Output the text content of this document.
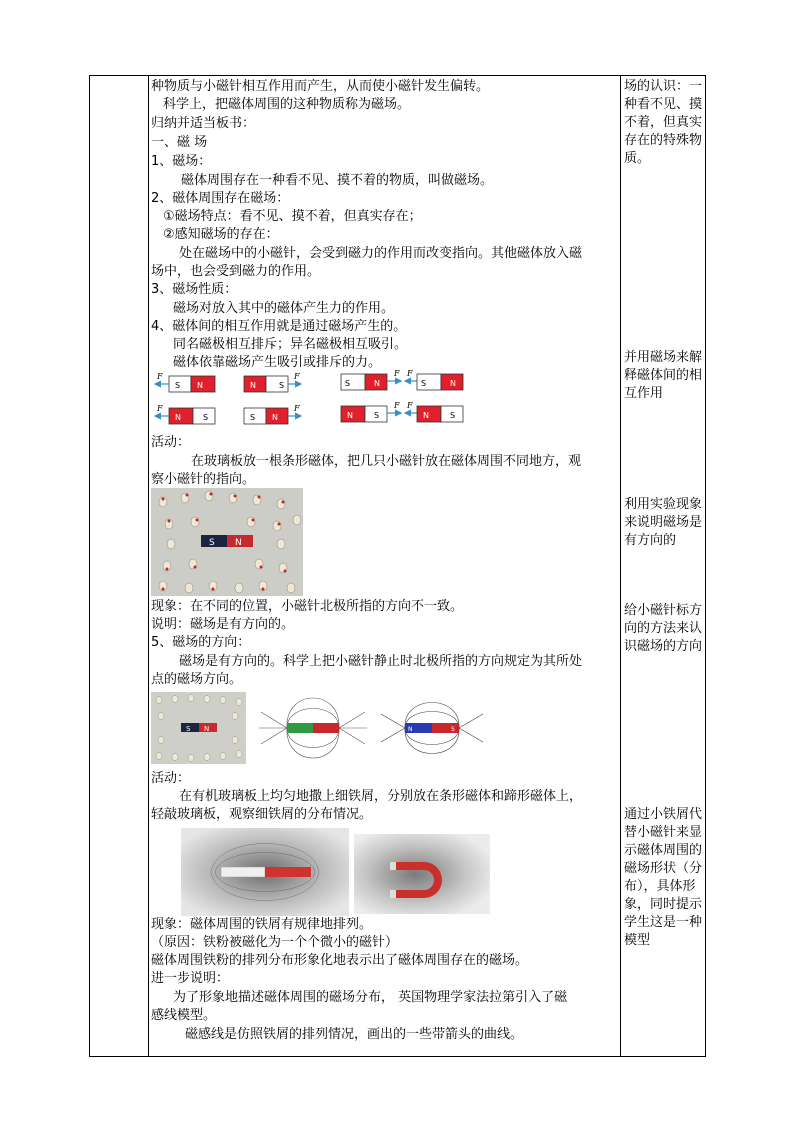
种物质与小磁针相互作用而产生，从而使小磁针发生偏转。
科学上，把磁体周围的这种物质称为磁场。
归纳并适当板书：
一、磁 场
1、磁场：
磁体周围存在一种看不见、摸不着的物质，叫做磁场。
2、磁体周围存在磁场：
①磁场特点：看不见、摸不着，但真实存在；
②感知磁场的存在：
处在磁场中的小磁针，会受到磁力的作用而改变指向。其他磁体放入磁
场中，也会受到磁力的作用。
3、磁场性质：
磁场对放入其中的磁体产生力的作用。
4、磁体间的相互作用就是通过磁场产生的。
同名磁极相互排斥；异名磁极相互吸引。
磁体依靠磁场产生吸引或排斥的力。
S N
F
N	S
F
S	N
F F
S	N
N	S
F
S N
F
N	S
F F
N	S
活动：
在玻璃板放一根条形磁体，把几只小磁针放在磁体周围不同地方，观
察小磁针的指向。
S N
现象：在不同的位置，小磁针北极所指的方向不一致。
说明：磁场是有方向的。
5、磁场的方向：
磁场是有方向的。科学上把小磁针静止时北极所指的方向规定为其所处
点的磁场方向。
S N	N	S
活动：
在有机玻璃板上均匀地撒上细铁屑，分别放在条形磁体和蹄形磁体上，
轻敲玻璃板，观察细铁屑的分布情况。
现象：磁体周围的铁屑有规律地排列。
（原因：铁粉被磁化为一个个微小的磁针）
磁体周围铁粉的排列分布形象化地表示出了磁体周围存在的磁场。
进一步说明：
为了形象地描述磁体周围的磁场分布， 英国物理学家法拉第引入了磁
感线模型。
磁感线是仿照铁屑的排列情况，画出的一些带箭头的曲线。
场的认识：一种看不见、摸不着，但真实存在的特殊物质。
并用磁场来解释磁体间的相互作用
利用实验现象来说明磁场是有方向的
给小磁针标方向的方法来认识磁场的方向
通过小铁屑代替小磁针来显示磁体周围的磁场形状（分布），具体形象，同时提示学生这是一种模型
